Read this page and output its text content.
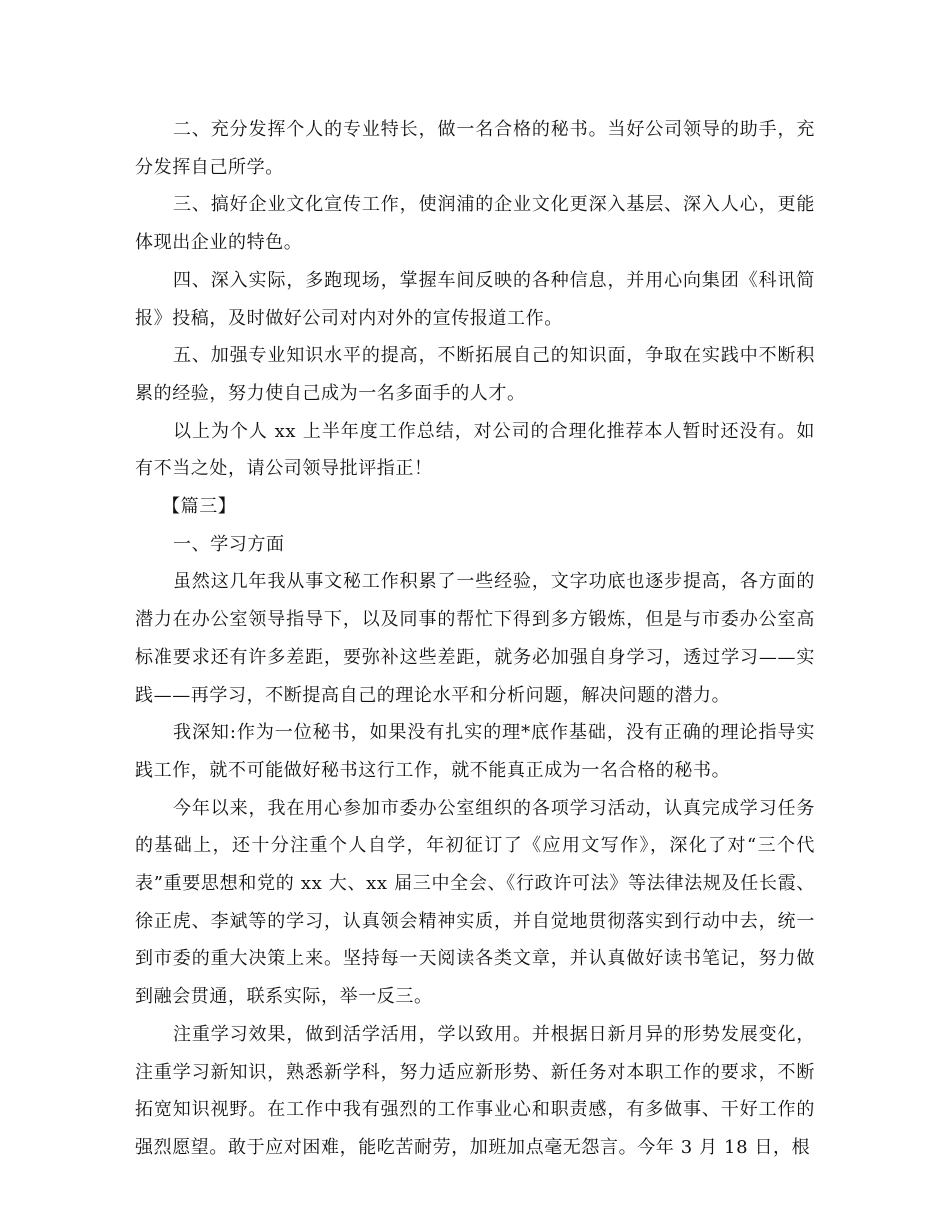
二、充分发挥个人的专业特长，做一名合格的秘书。当好公司领导的助手，充分发挥自己所学。

三、搞好企业文化宣传工作，使润浦的企业文化更深入基层、深入人心，更能体现出企业的特色。

四、深入实际，多跑现场，掌握车间反映的各种信息，并用心向集团《科讯简报》投稿，及时做好公司对内对外的宣传报道工作。

五、加强专业知识水平的提高，不断拓展自己的知识面，争取在实践中不断积累的经验，努力使自己成为一名多面手的人才。

以上为个人 xx 上半年度工作总结，对公司的合理化推荐本人暂时还没有。如有不当之处，请公司领导批评指正！

【篇三】

一、学习方面

虽然这几年我从事文秘工作积累了一些经验，文字功底也逐步提高，各方面的潜力在办公室领导指导下，以及同事的帮忙下得到多方锻炼，但是与市委办公室高标准要求还有许多差距，要弥补这些差距，就务必加强自身学习，透过学习——实践——再学习，不断提高自己的理论水平和分析问题，解决问题的潜力。

我深知:作为一位秘书，如果没有扎实的理*底作基础，没有正确的理论指导实践工作，就不可能做好秘书这行工作，就不能真正成为一名合格的秘书。

今年以来，我在用心参加市委办公室组织的各项学习活动，认真完成学习任务的基础上，还十分注重个人自学，年初征订了《应用文写作》，深化了对“三个代表”重要思想和党的 xx 大、xx 届三中全会、《行政许可法》等法律法规及任长霞、徐正虎、李斌等的学习，认真领会精神实质，并自觉地贯彻落实到行动中去，统一到市委的重大决策上来。坚持每一天阅读各类文章，并认真做好读书笔记，努力做到融会贯通，联系实际，举一反三。

注重学习效果，做到活学活用，学以致用。并根据日新月异的形势发展变化，注重学习新知识，熟悉新学科，努力适应新形势、新任务对本职工作的要求，不断拓宽知识视野。在工作中我有强烈的工作事业心和职责感，有多做事、干好工作的强烈愿望。敢于应对困难，能吃苦耐劳，加班加点毫无怨言。今年 3 月 18 日，根
